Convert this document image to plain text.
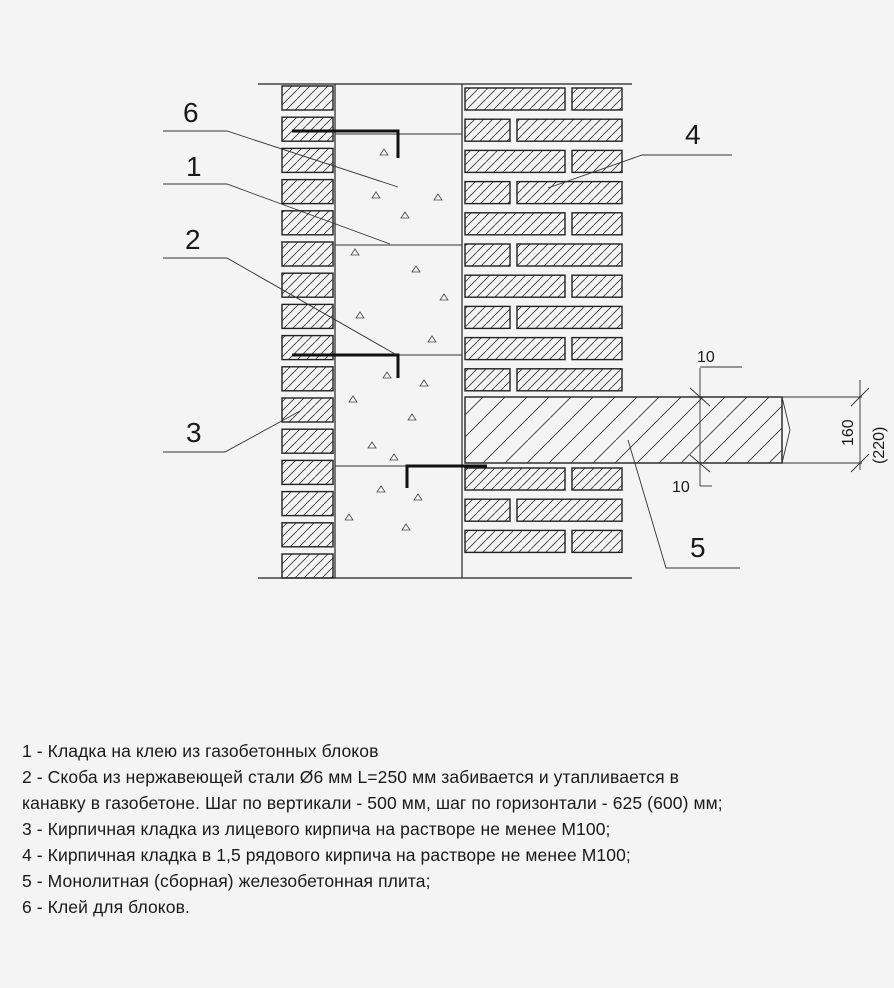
10
10
160 (220)
6
1
2
3
4
5
1 - Кладка на клею из газобетонных блоков
2 - Скоба из нержавеющей стали Ø6 мм L=250 мм забивается и утапливается в
канавку в газобетоне. Шаг по вертикали - 500 мм, шаг по горизонтали - 625 (600) мм;
3 - Кирпичная кладка из лицевого кирпича на растворе не менее М100;
4 - Кирпичная кладка в 1,5 рядового кирпича на растворе не менее М100;
5 - Монолитная (сборная) железобетонная плита;
6 - Клей для блоков.
